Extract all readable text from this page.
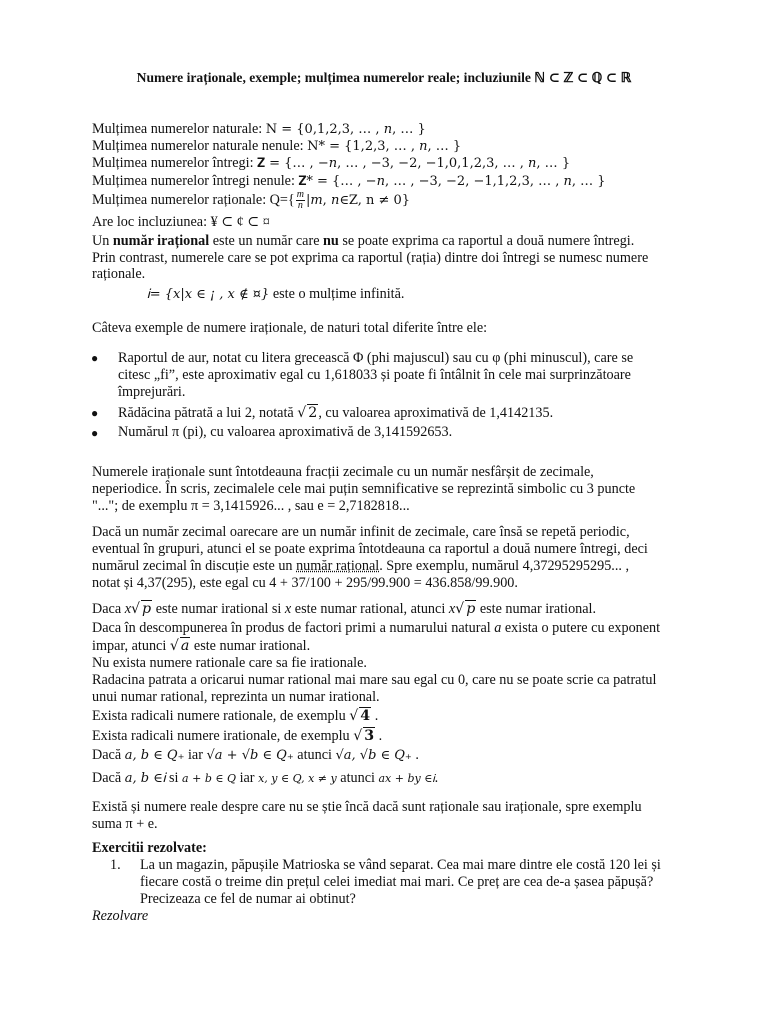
Numere iraționale, exemple; mulțimea numerelor reale; incluziunile ℕ ⊂ ℤ ⊂ ℚ ⊂ ℝ
Mulțimea numerelor naturale: N = {0,1,2,3, … , 𝑛, … }
Mulțimea numerelor naturale nenule: N* = {1,2,3, … , 𝑛, … }
Mulțimea numerelor întregi: 𝐙 = {… , −𝑛, … , −3, −2, −1,0,1,2,3, … , 𝑛, … }
Mulțimea numerelor întregi nenule: 𝐙* = {… , −𝑛, … , −3, −2, −1,1,2,3, … , 𝑛, … }
Mulțimea numerelor raționale: $Q=\{ \frac{m}{n}$ |𝑚, 𝑛∈Z, n ≠ 0}
Are loc incluziunea: ¥ ⊂ ¢ ⊂ ¤
Un număr irațional este un număr care nu se poate exprima ca raportul a două numere întregi.
Prin contrast, numerele care se pot exprima ca raportul (rația) dintre doi întregi se numesc numere
raționale.
Ꭵ= {x|x ∈ ¡ , x ∉ ¤} este o mulțime infinită.
Câteva exemple de numere iraționale, de naturi total diferite între ele:
● Raportul de aur, notat cu litera grecească Φ (phi majuscul) sau cu φ (phi minuscul), care se
citesc „fi”, este aproximativ egal cu 1,618033 și poate fi întâlnit în cele mai surprinzătoare
împrejurări.
● Rădăcina pătrată a lui 2, notată √ 2, cu valoarea aproximativă de 1,4142135.
● Numărul π (pi), cu valoarea aproximativă de 3,141592653.
Numerele iraționale sunt întotdeauna fracții zecimale cu un număr nesfârșit de zecimale,
neperiodice. În scris, zecimalele cele mai puțin semnificative se reprezintă simbolic cu 3 puncte
"..."; de exemplu π = 3,1415926... , sau e = 2,7182818...
Dacă un număr zecimal oarecare are un număr infinit de zecimale, care însă se repetă periodic,
eventual în grupuri, atunci el se poate exprima întotdeauna ca raportul a două numere întregi, deci
numărul zecimal în discuție este un număr rațional. Spre exemplu, numărul 4,37295295295... ,
notat și 4,37(295), este egal cu 4 + 37/100 + 295/99.900 = 436.858/99.900.
Daca x√ p este numar irational si x este numar rational, atunci x√ p este numar irational.
Daca în descompunerea în produs de factori primi a numarului natural a exista o putere cu exponent
impar, atunci √ a este numar irational.
Nu exista numere rationale care sa fie irationale.
Radacina patrata a oricarui numar rational mai mare sau egal cu 0, care nu se poate scrie ca patratul
unui numar rational, reprezinta un numar irational.
Exista radicali numere rationale, de exemplu √ 4 .
Exista radicali numere irationale, de exemplu √ 3 .
Dacă a, b ∈ Q₊ iar √a + √b ∈ Q₊ atunci √a, √b ∈ Q₊ .
Dacă a, b ∈Ꭵ si a + b ∈ Q iar x, y ∈ Q, x ≠ y atunci ax + by ∈Ꭵ.
Există și numere reale despre care nu se știe încă dacă sunt raționale sau iraționale, spre exemplu
suma π + e.
Exercitii rezolvate:
1. La un magazin, păpușile Matrioska se vând separat. Cea mai mare dintre ele costă 120 lei și
fiecare costă o treime din prețul celei imediat mai mari. Ce preț are cea de-a șasea păpușă?
Precizeaza ce fel de numar ai obtinut?
Rezolvare
